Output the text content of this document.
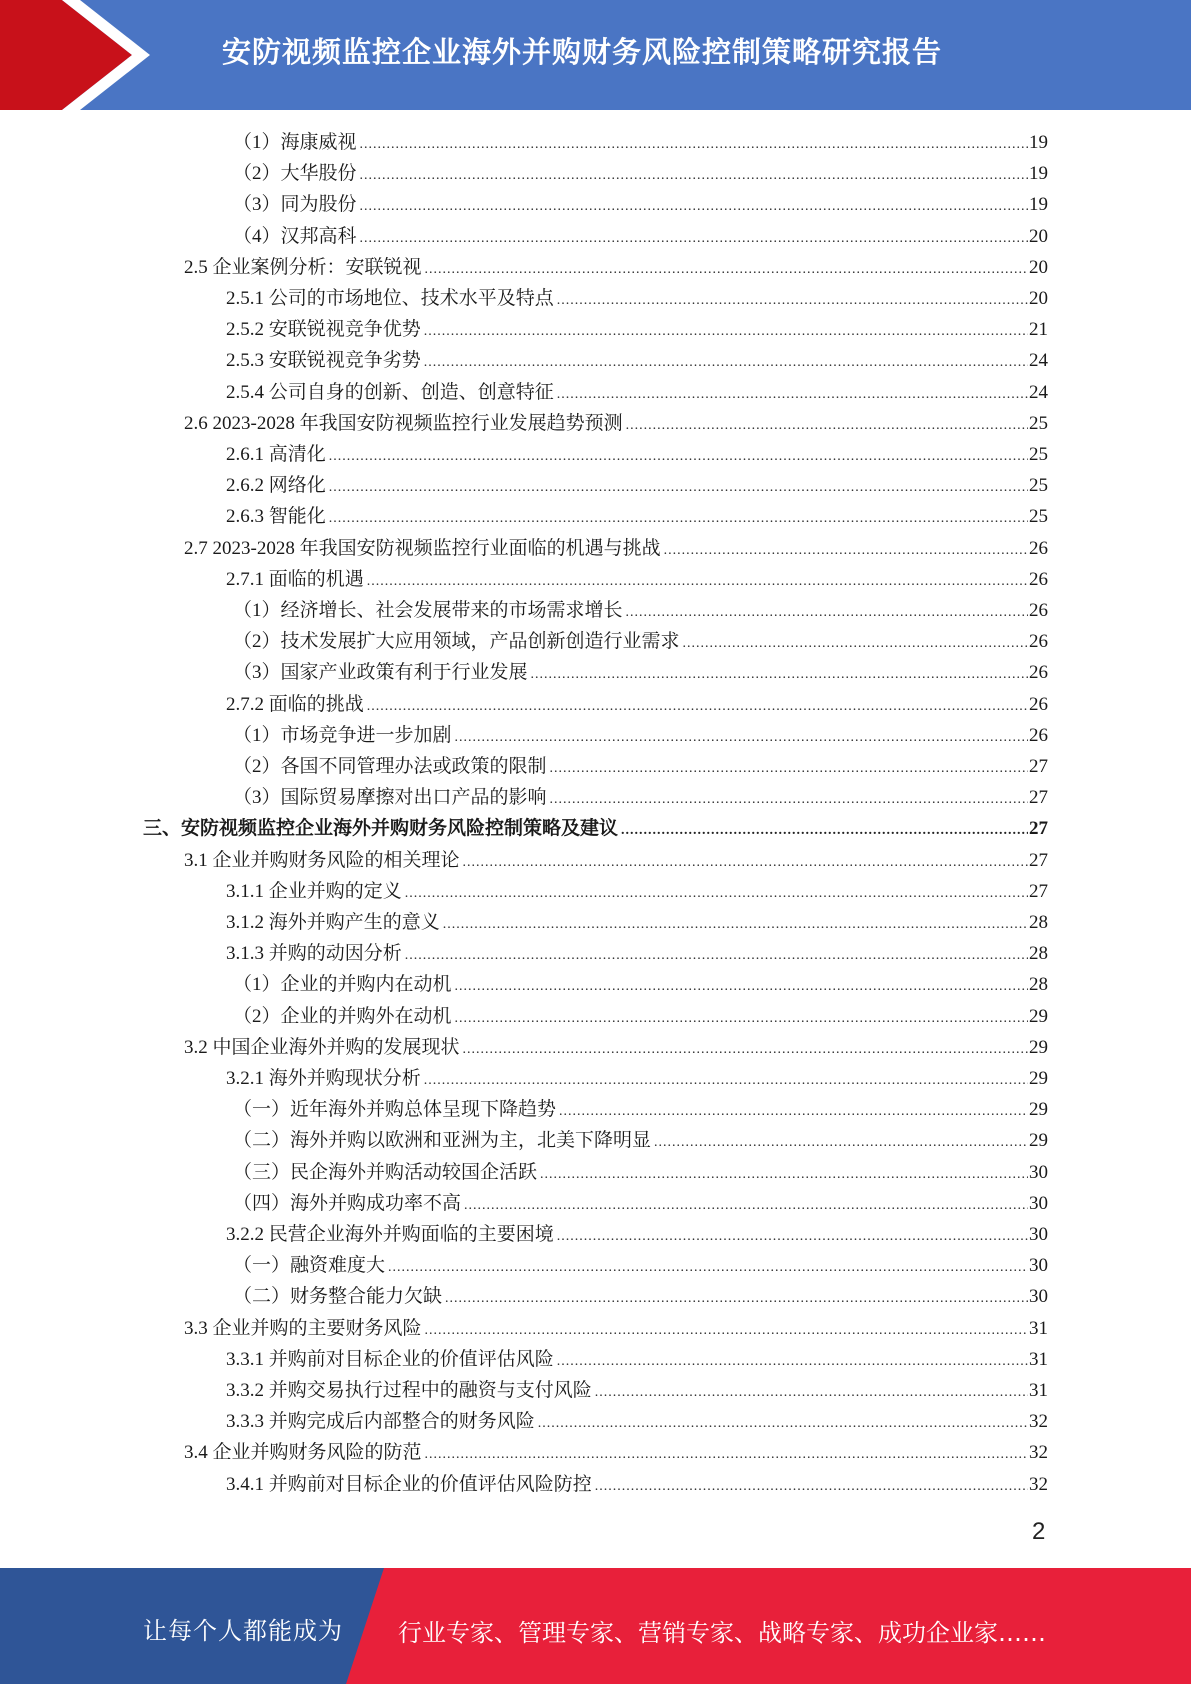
安防视频监控企业海外并购财务风险控制策略研究报告
（1）海康威视 .....	19
（2）大华股份 .....	19
（3）同为股份 .....	19
（4）汉邦高科 .....	20
2.5 企业案例分析：安联锐视 .....	20
2.5.1 公司的市场地位、技术水平及特点 .....	20
2.5.2 安联锐视竞争优势 .....	21
2.5.3 安联锐视竞争劣势 .....	24
2.5.4 公司自身的创新、创造、创意特征 .....	24
2.6 2023-2028 年我国安防视频监控行业发展趋势预测 .....	25
2.6.1 高清化 .....	25
2.6.2 网络化 .....	25
2.6.3 智能化 .....	25
2.7 2023-2028 年我国安防视频监控行业面临的机遇与挑战 .....	26
2.7.1 面临的机遇 .....	26
（1）经济增长、社会发展带来的市场需求增长 .....	26
（2）技术发展扩大应用领域，产品创新创造行业需求 .....	26
（3）国家产业政策有利于行业发展 .....	26
2.7.2 面临的挑战 .....	26
（1）市场竞争进一步加剧 .....	26
（2）各国不同管理办法或政策的限制 .....	27
（3）国际贸易摩擦对出口产品的影响 .....	27
三、安防视频监控企业海外并购财务风险控制策略及建议 .....	27
3.1 企业并购财务风险的相关理论 .....	27
3.1.1 企业并购的定义 .....	27
3.1.2 海外并购产生的意义 .....	28
3.1.3 并购的动因分析 .....	28
（1）企业的并购内在动机 .....	28
（2）企业的并购外在动机 .....	29
3.2 中国企业海外并购的发展现状 .....	29
3.2.1 海外并购现状分析 .....	29
（一）近年海外并购总体呈现下降趋势 .....	29
（二）海外并购以欧洲和亚洲为主，北美下降明显 .....	29
（三）民企海外并购活动较国企活跃 .....	30
（四）海外并购成功率不高 .....	30
3.2.2 民营企业海外并购面临的主要困境 .....	30
（一）融资难度大 .....	30
（二）财务整合能力欠缺 .....	30
3.3 企业并购的主要财务风险 .....	31
3.3.1 并购前对目标企业的价值评估风险 .....	31
3.3.2 并购交易执行过程中的融资与支付风险 .....	31
3.3.3 并购完成后内部整合的财务风险 .....	32
3.4 企业并购财务风险的防范 .....	32
3.4.1 并购前对目标企业的价值评估风险防控 .....	32
2
让每个人都能成为 行业专家、管理专家、营销专家、战略专家、成功企业家……
